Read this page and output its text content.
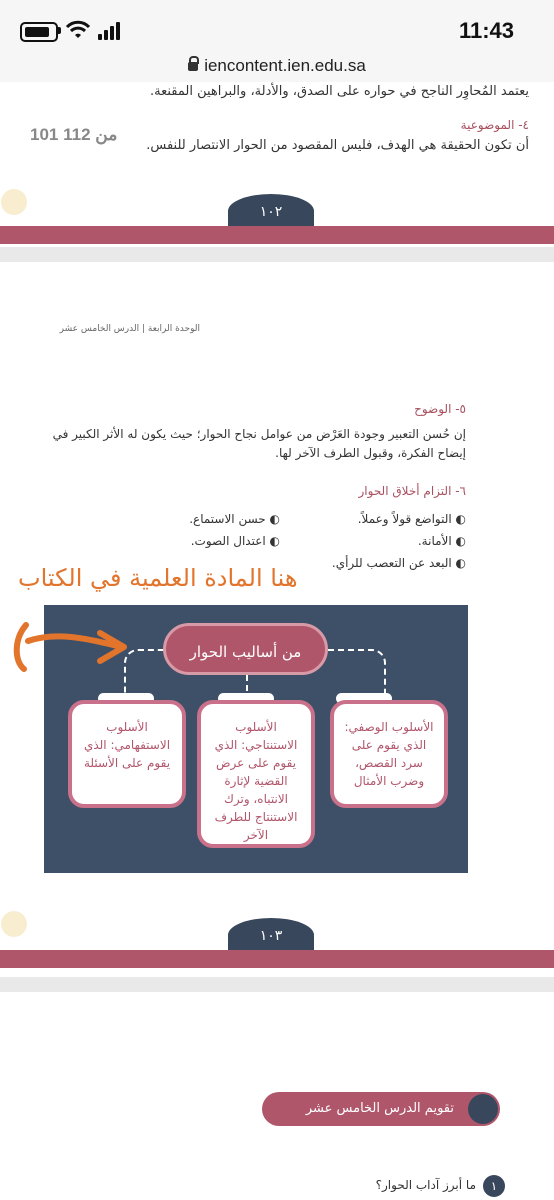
11:43
iencontent.ien.edu.sa
يعتمد المُحاوِر الناجح في حواره على الصدق، والأدلة، والبراهين المقنعة.
٤- الموضوعية
أن تكون الحقيقة هي الهدف، فليس المقصود من الحوار الانتصار للنفس.
101 من 112
١٠٢
الوحدة الرابعة | الدرس الخامس عشر
٥- الوضوح
إن حُسن التعبير وجودة العَرْض من عوامل نجاح الحوار؛ حيث يكون له الأثر الكبير في
إيضاح الفكرة، وقبول الطرف الآخر لها.
٦- التزام أخلاق الحوار
◐ التواضع قولاً وعملاً.
◐ حسن الاستماع.
◐ الأمانة.
◐ اعتدال الصوت.
◐ البعد عن التعصب للرأي.
من أساليب الحوار
الأسلوب الوصفي: الذي يقوم على سرد القصص، وضرب الأمثال
الأسلوب الاستنتاجي: الذي يقوم على عرض القضية لإثارة الانتباه، وترك الاستنتاج للطرف الآخر
الأسلوب الاستفهامي: الذي يقوم على الأسئلة
هنا المادة العلمية في الكتاب
١٠٣
تقويم الدرس الخامس عشر
١
ما أبرز آداب الحوار؟
